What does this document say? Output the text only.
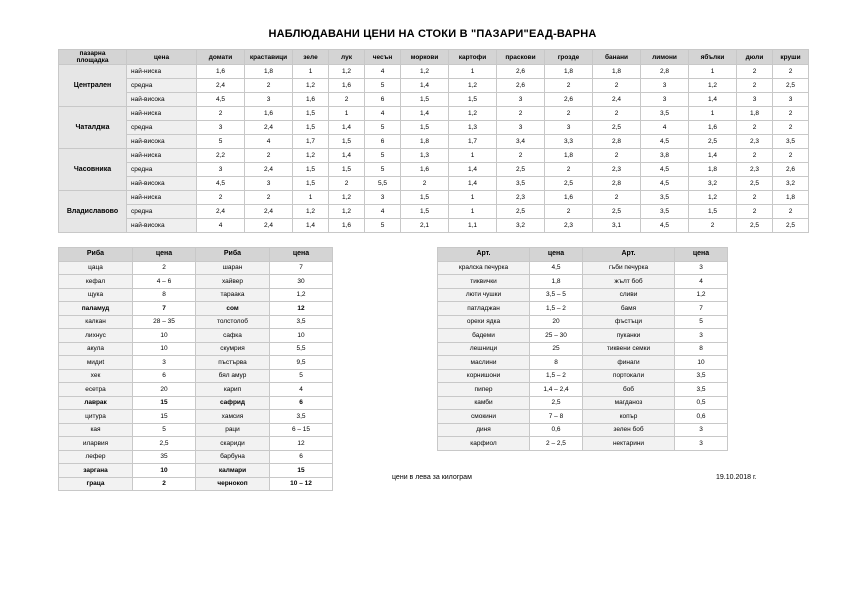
НАБЛЮДАВАНИ ЦЕНИ НА СТОКИ В "ПАЗАРИ"ЕАД-ВАРНА
пазарна
площадка	цена	домати	краставици	зеле	лук	чесън	моркови	картофи	праскови	грозде	банани	лимони	ябълки	дюли	круши
Централен	най-ниска	1,6	1,8	1	1,2	4	1,2	1	2,6	1,8	1,8	2,8	1	2	2
	средна	2,4	2	1,2	1,6	5	1,4	1,2	2,6	2	2	3	1,2	2	2,5
	най-висока	4,5	3	1,6	2	6	1,5	1,5	3	2,6	2,4	3	1,4	3	3
Чаталджа	най-ниска	2	1,6	1,5	1	4	1,4	1,2	2	2	2	3,5	1	1,8	2
	средна	3	2,4	1,5	1,4	5	1,5	1,3	3	3	2,5	4	1,6	2	2
	най-висока	5	4	1,7	1,5	6	1,8	1,7	3,4	3,3	2,8	4,5	2,5	2,3	3,5
Часовника	най-ниска	2,2	2	1,2	1,4	5	1,3	1	2	1,8	2	3,8	1,4	2	2
	средна	3	2,4	1,5	1,5	5	1,6	1,4	2,5	2	2,3	4,5	1,8	2,3	2,6
	най-висока	4,5	3	1,5	2	5,5	2	1,4	3,5	2,5	2,8	4,5	3,2	2,5	3,2
Владиславово	най-ниска	2	2	1	1,2	3	1,5	1	2,3	1,6	2	3,5	1,2	2	1,8
	средна	2,4	2,4	1,2	1,2	4	1,5	1	2,5	2	2,5	3,5	1,5	2	2
	най-висока	4	2,4	1,4	1,6	5	2,1	1,1	3,2	2,3	3,1	4,5	2	2,5	2,5
Риба	цена	Риба	цена
цаца	2	шаран	7
кефал	4 – 6	хайвер	30
щука	8	тараака	1,2
паламуд	7	сом	12
калкан	28 – 35	толстолоб	3,5
лихнус	10	сафка	10
акула	10	скумрия	5,5
мидиt	3	пъстърва	9,5
хек	6	бял амур	5
есетра	20	карип	4
лаврак	15	сафрид	6
цитура	15	хамсия	3,5
кая	5	раци	6 – 15
иларвия	2,5	скариди	12
лефер	35	барбуна	6
заргана	10	калмари	15
граца	2	чернокоп	10 – 12
Арт.	цена	Арт.	цена
кралска печурка	4,5	гъби печурка	3
тиквички	1,8	жълт боб	4
люти чушки	3,5 – 5	сливи	1,2
патладжан	1,5 – 2	бамя	7
орехи ядка	20	фъстъци	5
бадеми	25 – 30	пуканки	3
лешници	25	тиквени семки	8
маслини	8	финаги	10
корнишони	1,5 – 2	портокали	3,5
пипер	1,4 – 2,4	боб	3,5
камби	2,5	магданоз	0,5
смокини	7 – 8	копър	0,6
диня	0,6	зелен боб	3
карфиол	2 – 2,5	нектарини	3
цени в лева за килограм	19.10.2018 г.
